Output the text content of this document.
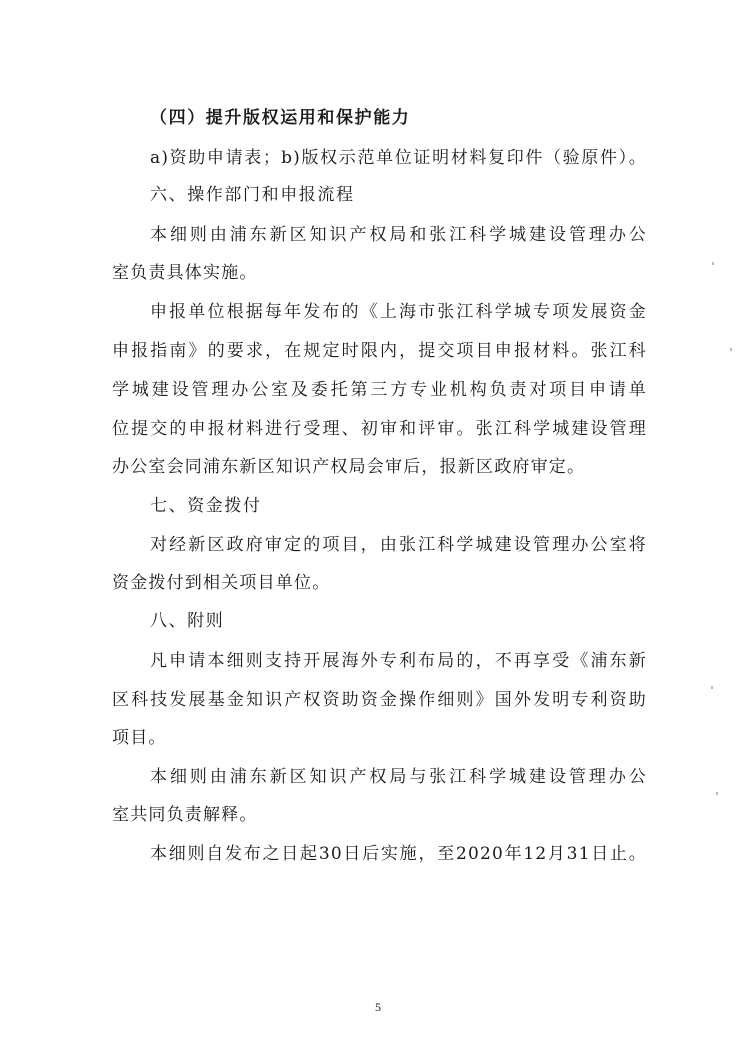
（四）提升版权运用和保护能力
a)资助申请表；b)版权示范单位证明材料复印件（验原件）。
六、操作部门和申报流程
本细则由浦东新区知识产权局和张江科学城建设管理办公
室负责具体实施。
申报单位根据每年发布的《上海市张江科学城专项发展资金
申报指南》的要求，在规定时限内，提交项目申报材料。张江科
学城建设管理办公室及委托第三方专业机构负责对项目申请单
位提交的申报材料进行受理、初审和评审。张江科学城建设管理
办公室会同浦东新区知识产权局会审后，报新区政府审定。
七、资金拨付
对经新区政府审定的项目，由张江科学城建设管理办公室将
资金拨付到相关项目单位。
八、附则
凡申请本细则支持开展海外专利布局的，不再享受《浦东新
区科技发展基金知识产权资助资金操作细则》国外发明专利资助
项目。
本细则由浦东新区知识产权局与张江科学城建设管理办公
室共同负责解释。
本细则自发布之日起30日后实施，至2020年12月31日止。
5
